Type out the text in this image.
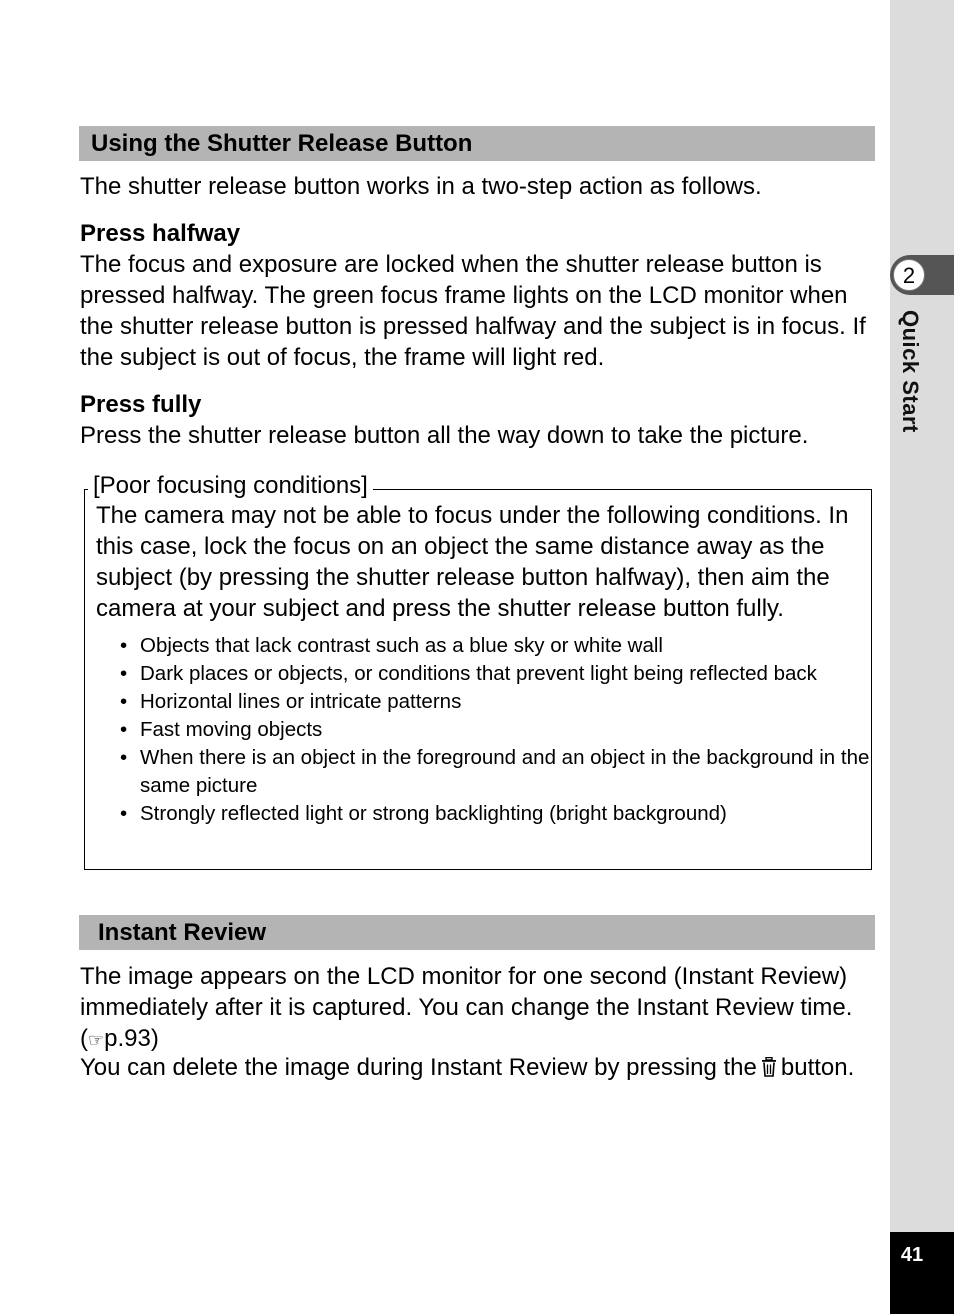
2
Quick Start
41
Using the Shutter Release Button

The shutter release button works in a two-step action as follows.

Press halfway

The focus and exposure are locked when the shutter release button is pressed halfway. The green focus frame lights on the LCD monitor when the shutter release button is pressed halfway and the subject is in focus. If the subject is out of focus, the frame will light red.

Press fully

Press the shutter release button all the way down to take the picture.

[Poor focusing conditions]

The camera may not be able to focus under the following conditions. In this case, lock the focus on an object the same distance away as the subject (by pressing the shutter release button halfway), then aim the camera at your subject and press the shutter release button fully.

• Objects that lack contrast such as a blue sky or white wall
• Dark places or objects, or conditions that prevent light being reflected back
• Horizontal lines or intricate patterns
• Fast moving objects
• When there is an object in the foreground and an object in the background in the same picture
• Strongly reflected light or strong backlighting (bright background)
Instant Review

The image appears on the LCD monitor for one second (Instant Review) immediately after it is captured. You can change the Instant Review time.
(☞p.93)

You can delete the image during Instant Review by pressing the button.
